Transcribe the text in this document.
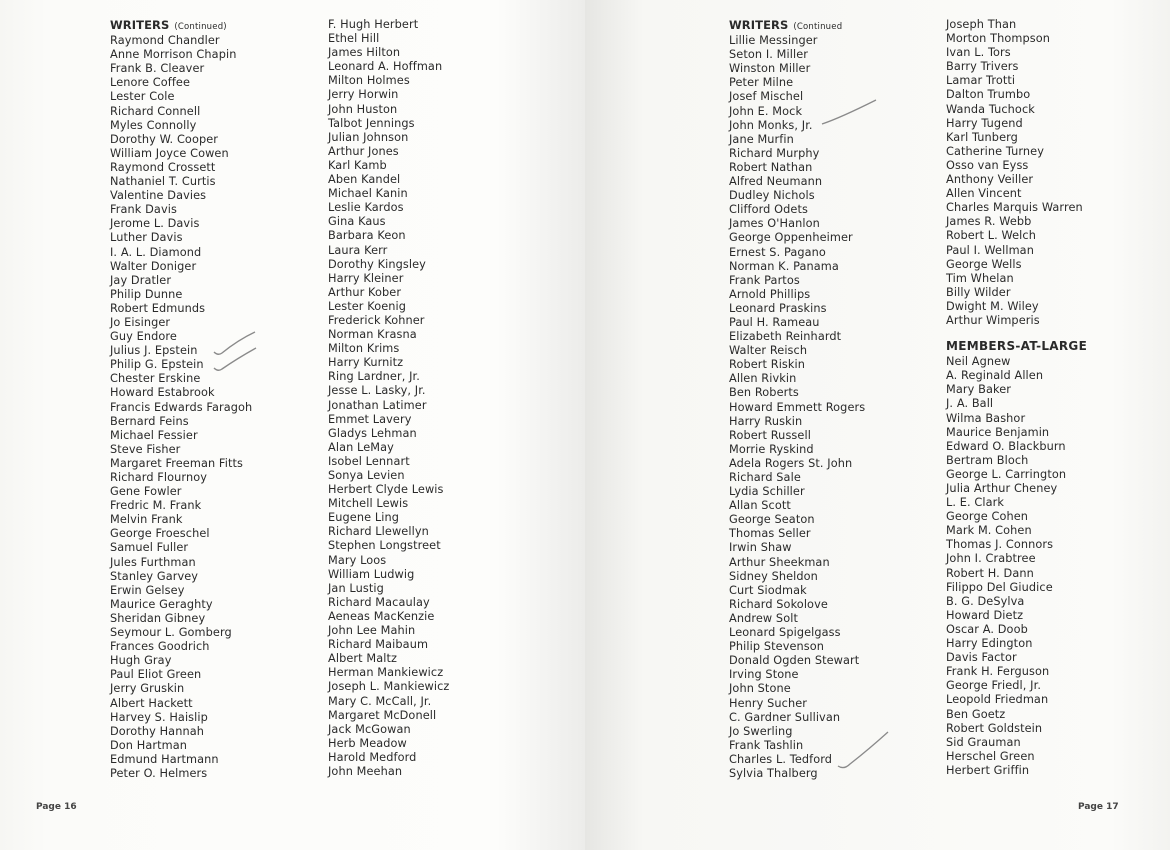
WRITERS (Continued)
Raymond Chandler
Anne Morrison Chapin
Frank B. Cleaver
Lenore Coffee
Lester Cole
Richard Connell
Myles Connolly
Dorothy W. Cooper
William Joyce Cowen
Raymond Crossett
Nathaniel T. Curtis
Valentine Davies
Frank Davis
Jerome L. Davis
Luther Davis
I. A. L. Diamond
Walter Doniger
Jay Dratler
Philip Dunne
Robert Edmunds
Jo Eisinger
Guy Endore
Julius J. Epstein
Philip G. Epstein
Chester Erskine
Howard Estabrook
Francis Edwards Faragoh
Bernard Feins
Michael Fessier
Steve Fisher
Margaret Freeman Fitts
Richard Flournoy
Gene Fowler
Fredric M. Frank
Melvin Frank
George Froeschel
Samuel Fuller
Jules Furthman
Stanley Garvey
Erwin Gelsey
Maurice Geraghty
Sheridan Gibney
Seymour L. Gomberg
Frances Goodrich
Hugh Gray
Paul Eliot Green
Jerry Gruskin
Albert Hackett
Harvey S. Haislip
Dorothy Hannah
Don Hartman
Edmund Hartmann
Peter O. Helmers
F. Hugh Herbert
Ethel Hill
James Hilton
Leonard A. Hoffman
Milton Holmes
Jerry Horwin
John Huston
Talbot Jennings
Julian Johnson
Arthur Jones
Karl Kamb
Aben Kandel
Michael Kanin
Leslie Kardos
Gina Kaus
Barbara Keon
Laura Kerr
Dorothy Kingsley
Harry Kleiner
Arthur Kober
Lester Koenig
Frederick Kohner
Norman Krasna
Milton Krims
Harry Kurnitz
Ring Lardner, Jr.
Jesse L. Lasky, Jr.
Jonathan Latimer
Emmet Lavery
Gladys Lehman
Alan LeMay
Isobel Lennart
Sonya Levien
Herbert Clyde Lewis
Mitchell Lewis
Eugene Ling
Richard Llewellyn
Stephen Longstreet
Mary Loos
William Ludwig
Jan Lustig
Richard Macaulay
Aeneas MacKenzie
John Lee Mahin
Richard Maibaum
Albert Maltz
Herman Mankiewicz
Joseph L. Mankiewicz
Mary C. McCall, Jr.
Margaret McDonell
Jack McGowan
Herb Meadow
Harold Medford
John Meehan
Page 16
WRITERS (Continued
Lillie Messinger
Seton I. Miller
Winston Miller
Peter Milne
Josef Mischel
John E. Mock
John Monks, Jr.
Jane Murfin
Richard Murphy
Robert Nathan
Alfred Neumann
Dudley Nichols
Clifford Odets
James O'Hanlon
George Oppenheimer
Ernest S. Pagano
Norman K. Panama
Frank Partos
Arnold Phillips
Leonard Praskins
Paul H. Rameau
Elizabeth Reinhardt
Walter Reisch
Robert Riskin
Allen Rivkin
Ben Roberts
Howard Emmett Rogers
Harry Ruskin
Robert Russell
Morrie Ryskind
Adela Rogers St. John
Richard Sale
Lydia Schiller
Allan Scott
George Seaton
Thomas Seller
Irwin Shaw
Arthur Sheekman
Sidney Sheldon
Curt Siodmak
Richard Sokolove
Andrew Solt
Leonard Spigelgass
Philip Stevenson
Donald Ogden Stewart
Irving Stone
John Stone
Henry Sucher
C. Gardner Sullivan
Jo Swerling
Frank Tashlin
Charles L. Tedford
Sylvia Thalberg
Joseph Than
Morton Thompson
Ivan L. Tors
Barry Trivers
Lamar Trotti
Dalton Trumbo
Wanda Tuchock
Harry Tugend
Karl Tunberg
Catherine Turney
Osso van Eyss
Anthony Veiller
Allen Vincent
Charles Marquis Warren
James R. Webb
Robert L. Welch
Paul I. Wellman
George Wells
Tim Whelan
Billy Wilder
Dwight M. Wiley
Arthur Wimperis
MEMBERS-AT-LARGE
Neil Agnew
A. Reginald Allen
Mary Baker
J. A. Ball
Wilma Bashor
Maurice Benjamin
Edward O. Blackburn
Bertram Bloch
George L. Carrington
Julia Arthur Cheney
L. E. Clark
George Cohen
Mark M. Cohen
Thomas J. Connors
John I. Crabtree
Robert H. Dann
Filippo Del Giudice
B. G. DeSylva
Howard Dietz
Oscar A. Doob
Harry Edington
Davis Factor
Frank H. Ferguson
George Friedl, Jr.
Leopold Friedman
Ben Goetz
Robert Goldstein
Sid Grauman
Herschel Green
Herbert Griffin
Page 17
